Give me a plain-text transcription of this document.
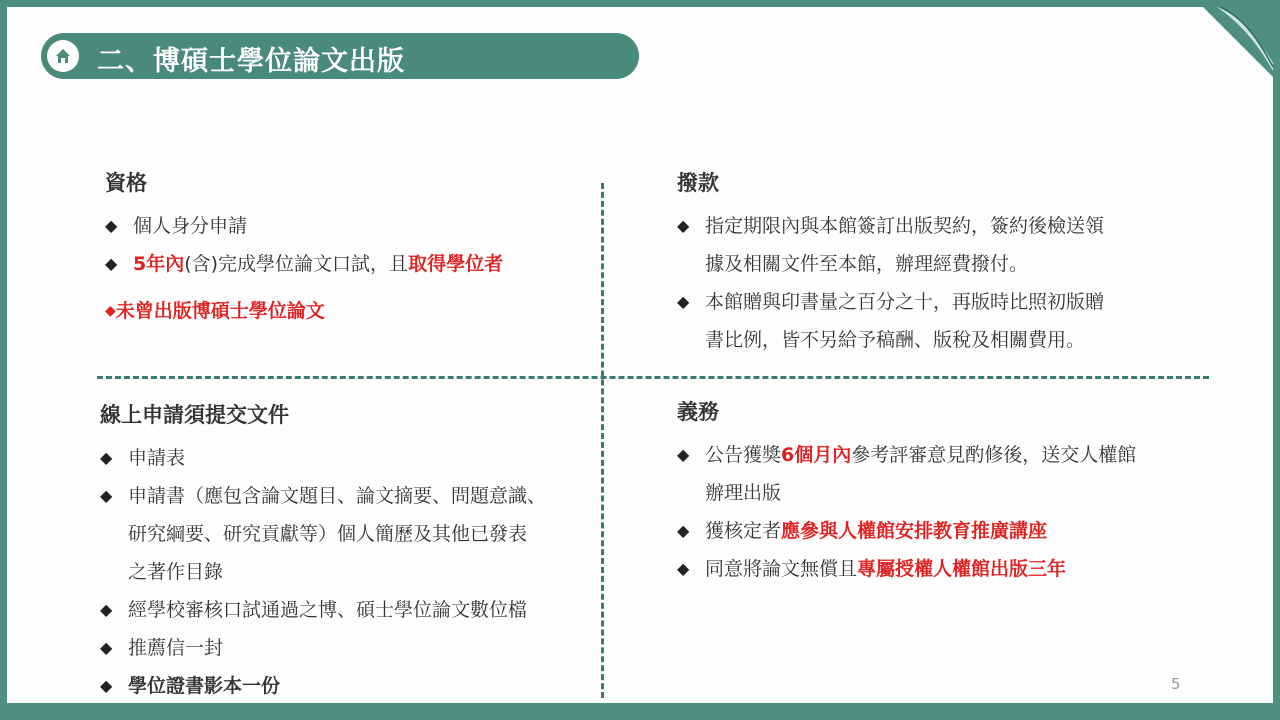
二、博碩士學位論文出版
資格
◆ 個人身分申請
◆ 5年內(含)完成學位論文口試，且取得學位者
◆未曾出版博碩士學位論文
撥款
◆ 指定期限內與本館簽訂出版契約，簽約後檢送領
據及相關文件至本館，辦理經費撥付。
◆ 本館贈與印書量之百分之十，再版時比照初版贈
書比例，皆不另給予稿酬、版稅及相關費用。
線上申請須提交文件
◆ 申請表
◆ 申請書（應包含論文題目、論文摘要、問題意識、
研究綱要、研究貢獻等）個人簡歷及其他已發表
之著作目錄
◆ 經學校審核口試通過之博、碩士學位論文數位檔
◆ 推薦信一封
◆ 學位證書影本一份
義務
◆ 公告獲獎6個月內參考評審意見酌修後，送交人權館
辦理出版
◆ 獲核定者應參與人權館安排教育推廣講座
◆ 同意將論文無償且專屬授權人權館出版三年
5
